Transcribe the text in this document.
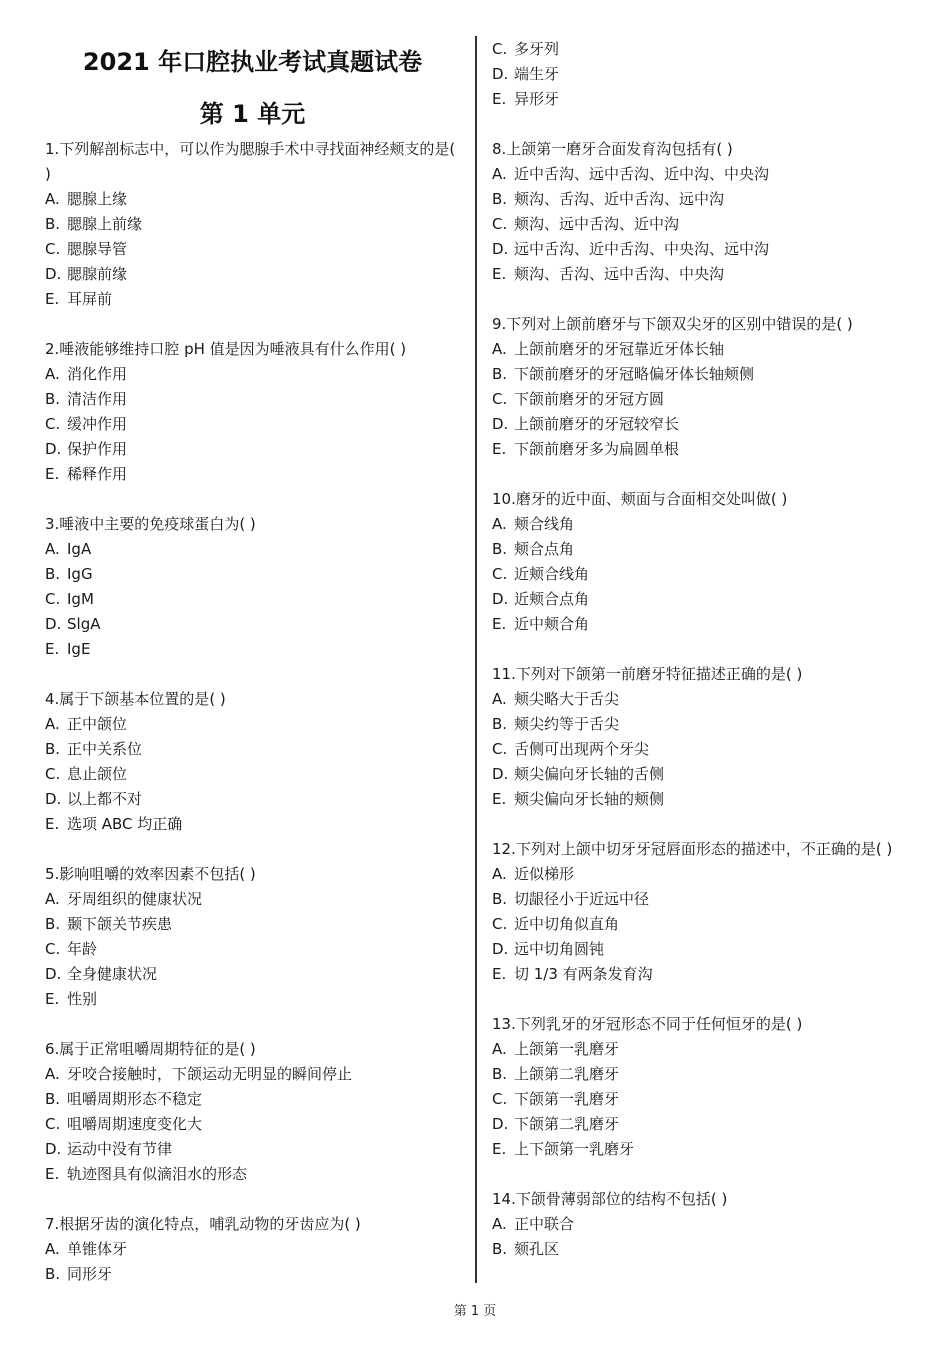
2021 年口腔执业考试真题试卷
第 1 单元
1.下列解剖标志中，可以作为腮腺手术中寻找面神经颊支的是( )
A. 腮腺上缘
B. 腮腺上前缘
C. 腮腺导管
D. 腮腺前缘
E. 耳屏前
2.唾液能够维持口腔 pH 值是因为唾液具有什么作用( )
A. 消化作用
B. 清洁作用
C. 缓冲作用
D. 保护作用
E. 稀释作用
3.唾液中主要的免疫球蛋白为( )
A. IgA
B. IgG
C. IgM
D. SlgA
E. IgE
4.属于下颌基本位置的是( )
A. 正中颌位
B. 正中关系位
C. 息止颌位
D. 以上都不对
E. 选项 ABC 均正确
5.影响咀嚼的效率因素不包括( )
A. 牙周组织的健康状况
B. 颞下颌关节疾患
C. 年龄
D. 全身健康状况
E. 性别
6.属于正常咀嚼周期特征的是( )
A. 牙咬合接触时，下颌运动无明显的瞬间停止
B. 咀嚼周期形态不稳定
C. 咀嚼周期速度变化大
D. 运动中没有节律
E. 轨迹图具有似滴泪水的形态
7.根据牙齿的演化特点，哺乳动物的牙齿应为( )
A. 单锥体牙
B. 同形牙
C. 多牙列
D. 端生牙
E. 异形牙
8.上颌第一磨牙合面发育沟包括有( )
A. 近中舌沟、远中舌沟、近中沟、中央沟
B. 颊沟、舌沟、近中舌沟、远中沟
C. 颊沟、远中舌沟、近中沟
D. 远中舌沟、近中舌沟、中央沟、远中沟
E. 颊沟、舌沟、远中舌沟、中央沟
9.下列对上颌前磨牙与下颌双尖牙的区别中错误的是( )
A. 上颌前磨牙的牙冠靠近牙体长轴
B. 下颌前磨牙的牙冠略偏牙体长轴颊侧
C. 下颌前磨牙的牙冠方圆
D. 上颌前磨牙的牙冠较窄长
E. 下颌前磨牙多为扁圆单根
10.磨牙的近中面、颊面与合面相交处叫做( )
A. 颊合线角
B. 颊合点角
C. 近颊合线角
D. 近颊合点角
E. 近中颊合角
11.下列对下颌第一前磨牙特征描述正确的是( )
A. 颊尖略大于舌尖
B. 颊尖约等于舌尖
C. 舌侧可出现两个牙尖
D. 颊尖偏向牙长轴的舌侧
E. 颊尖偏向牙长轴的颊侧
12.下列对上颌中切牙牙冠唇面形态的描述中，不正确的是( )
A. 近似梯形
B. 切龈径小于近远中径
C. 近中切角似直角
D. 远中切角圆钝
E. 切 1/3 有两条发育沟
13.下列乳牙的牙冠形态不同于任何恒牙的是( )
A. 上颌第一乳磨牙
B. 上颌第二乳磨牙
C. 下颌第一乳磨牙
D. 下颌第二乳磨牙
E. 上下颌第一乳磨牙
14.下颌骨薄弱部位的结构不包括( )
A. 正中联合
B. 颏孔区
第 1 页
